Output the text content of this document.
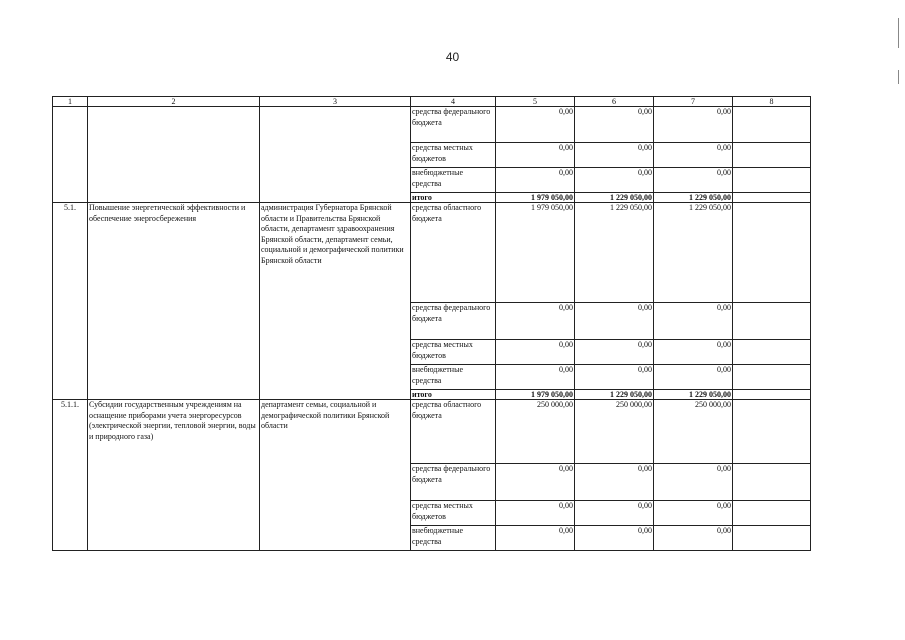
40
1	2	3	4	5	6	7	8
			средства федерального бюджета	0,00	0,00	0,00	
			средства местных бюджетов	0,00	0,00	0,00	
			внебюджетные средства	0,00	0,00	0,00	
			итого	1 979 050,00	1 229 050,00	1 229 050,00	
5.1.	Повышение энергетической эффективности и обеспечение энергосбережения	администрация Губернатора Брянской области и Правительства Брянской области, департамент здравоохранения Брянской области, департамент семьи, социальной и демографической политики Брянской области	средства областного бюджета	1 979 050,00	1 229 050,00	1 229 050,00	
			средства федерального бюджета	0,00	0,00	0,00	
			средства местных бюджетов	0,00	0,00	0,00	
			внебюджетные средства	0,00	0,00	0,00	
			итого	1 979 050,00	1 229 050,00	1 229 050,00	
5.1.1.	Субсидии государственным учреждениям на оснащение приборами учета энергоресурсов (электрической энергии, тепловой энергии, воды и природного газа)	департамент семьи, социальной и демографической политики Брянской области	средства областного бюджета	250 000,00	250 000,00	250 000,00	
			средства федерального бюджета	0,00	0,00	0,00	
			средства местных бюджетов	0,00	0,00	0,00	
			внебюджетные средства	0,00	0,00	0,00	
